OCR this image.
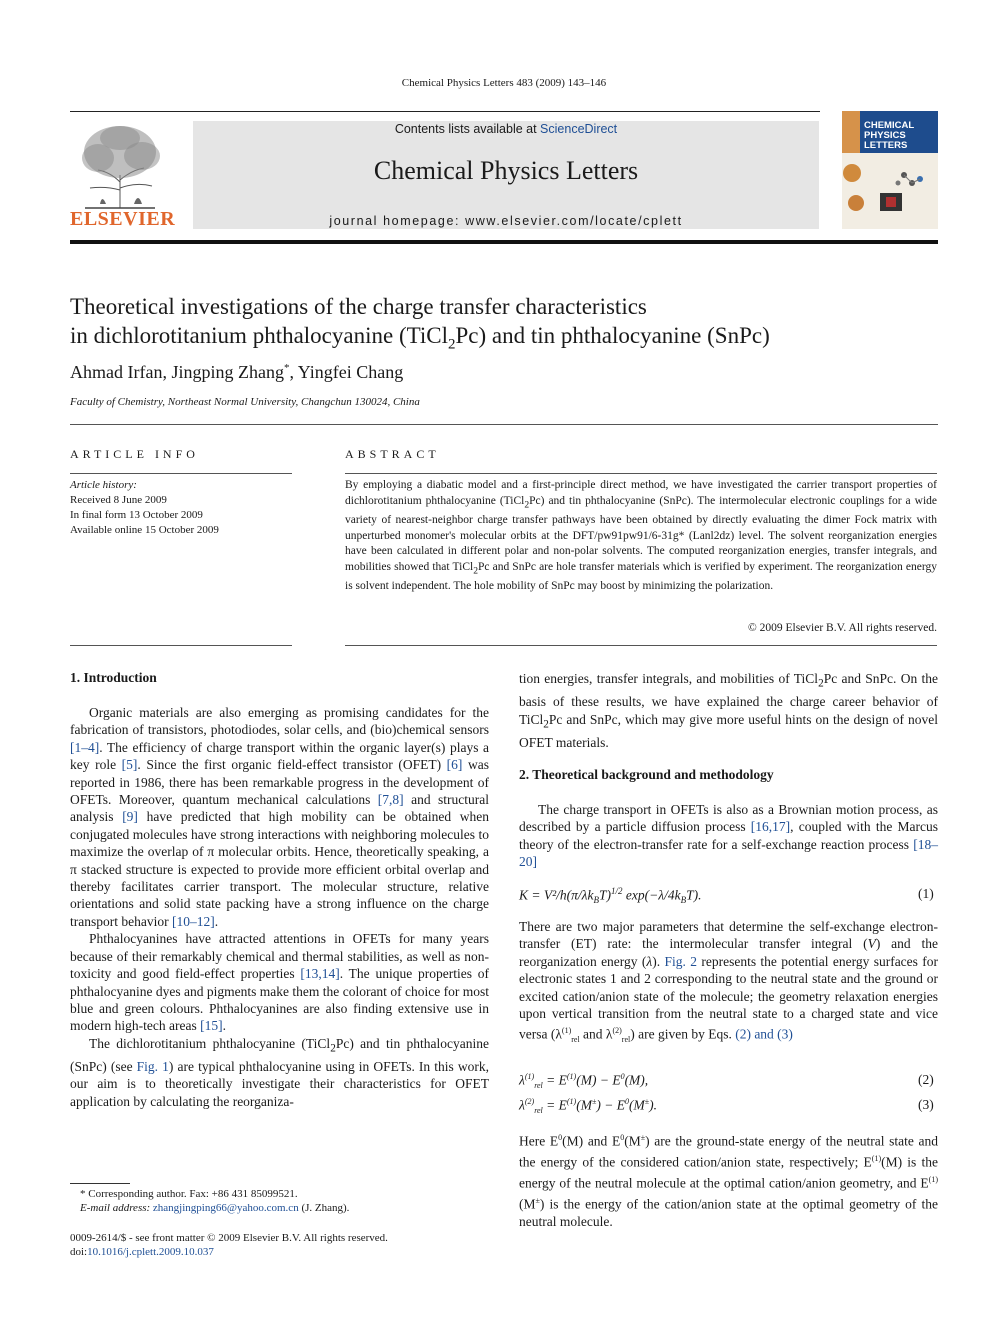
Chemical Physics Letters 483 (2009) 143–146
ELSEVIER
Contents lists available at ScienceDirect
Chemical Physics Letters
journal homepage: www.elsevier.com/locate/cplett
CHEMICAL
PHYSICS
LETTERS
Theoretical investigations of the charge transfer characteristics
in dichlorotitanium phthalocyanine (TiCl$_2$Pc) and tin phthalocyanine (SnPc)
Ahmad Irfan, Jingping Zhang*, Yingfei Chang
Faculty of Chemistry, Northeast Normal University, Changchun 130024, China
ARTICLE INFO
Article history:
Received 8 June 2009
In final form 13 October 2009
Available online 15 October 2009
ABSTRACT
By employing a diabatic model and a first-principle direct method, we have investigated the carrier transport properties of dichlorotitanium phthalocyanine (TiCl$_2$Pc) and tin phthalocyanine (SnPc). The intermolecular electronic couplings for a wide variety of nearest-neighbor charge transfer pathways have been obtained by directly evaluating the dimer Fock matrix with unperturbed monomer's molecular orbits at the DFT/pw91pw91/6-31g* (Lanl2dz) level. The solvent reorganization energies have been calculated in different polar and non-polar solvents. The computed reorganization energies, transfer integrals, and mobilities showed that TiCl$_2$Pc and SnPc are hole transfer materials which is verified by experiment. The reorganization energy is solvent independent. The hole mobility of SnPc may boost by minimizing the polarization.
© 2009 Elsevier B.V. All rights reserved.
1. Introduction

Organic materials are also emerging as promising candidates for the fabrication of transistors, photodiodes, solar cells, and (bio)chemical sensors [1–4]. The efficiency of charge transport within the organic layer(s) plays a key role [5]. Since the first organic field-effect transistor (OFET) [6] was reported in 1986, there has been remarkable progress in the development of OFETs. Moreover, quantum mechanical calculations [7,8] and structural analysis [9] have predicted that high mobility can be obtained when conjugated molecules have strong interactions with neighboring molecules to maximize the overlap of π molecular orbits. Hence, theoretically speaking, a π stacked structure is expected to provide more efficient orbital overlap and thereby facilitates carrier transport. The molecular structure, relative orientations and solid state packing have a strong influence on the charge transport behavior [10–12].

Phthalocyanines have attracted attentions in OFETs for many years because of their remarkably chemical and thermal stabilities, as well as non-toxicity and good field-effect properties [13,14]. The unique properties of phthalocyanine dyes and pigments make them the colorant of choice for most blue and green colours. Phthalocyanines are also finding extensive use in modern high-tech areas [15].

The dichlorotitanium phthalocyanine (TiCl$_2$Pc) and tin phthalocyanine (SnPc) (see Fig. 1) are typical phthalocyanine using in OFETs. In this work, our aim is to theoretically investigate their characteristics for OFET application by calculating the reorganiza-

* Corresponding author. Fax: +86 431 85099521.
E-mail address: zhangjingping66@yahoo.com.cn (J. Zhang).
0009-2614/$ - see front matter © 2009 Elsevier B.V. All rights reserved.
doi:10.1016/j.cplett.2009.10.037

tion energies, transfer integrals, and mobilities of TiCl$_2$Pc and SnPc. On the basis of these results, we have explained the charge career behavior of TiCl$_2$Pc and SnPc, which may give more useful hints on the design of novel OFET materials.

2. Theoretical background and methodology

The charge transport in OFETs is also as a Brownian motion process, as described by a particle diffusion process [16,17], coupled with the Marcus theory of the electron-transfer rate for a self-exchange reaction process [18–20]

$K = V^2/h(\pi/\lambda k_BT)^{1/2}$ $\exp(-\lambda/4k_BT)$.	(1)

There are two major parameters that determine the self-exchange electron-transfer (ET) rate: the intermolecular transfer integral (V) and the reorganization energy (λ). Fig. 2 represents the potential energy surfaces for electronic states 1 and 2 corresponding to the neutral state and the ground or excited cation/anion state of the molecule; the geometry relaxation energies upon vertical transition from the neutral state to a charged state and vice versa ($\lambda^{(1)}_{rel}$ and $\lambda^{(2)}_{rel}$) are given by Eqs. (2) and (3)

$\lambda^{(1)}_{rel} = E^{(1)}(M) - E^0(M)$,	(2)
$\lambda^{(2)}_{rel} = E^{(1)}(M^\pm) - E^0(M^\pm)$.	(3)

Here $E^0(M)$ and $E^0(M^\pm)$ are the ground-state energy of the neutral state and the energy of the considered cation/anion state, respectively; $E^{(1)}(M)$ is the energy of the neutral molecule at the optimal cation/anion geometry, and $E^{(1)}(M^\pm)$ is the energy of the cation/anion state at the optimal geometry of the neutral molecule.
